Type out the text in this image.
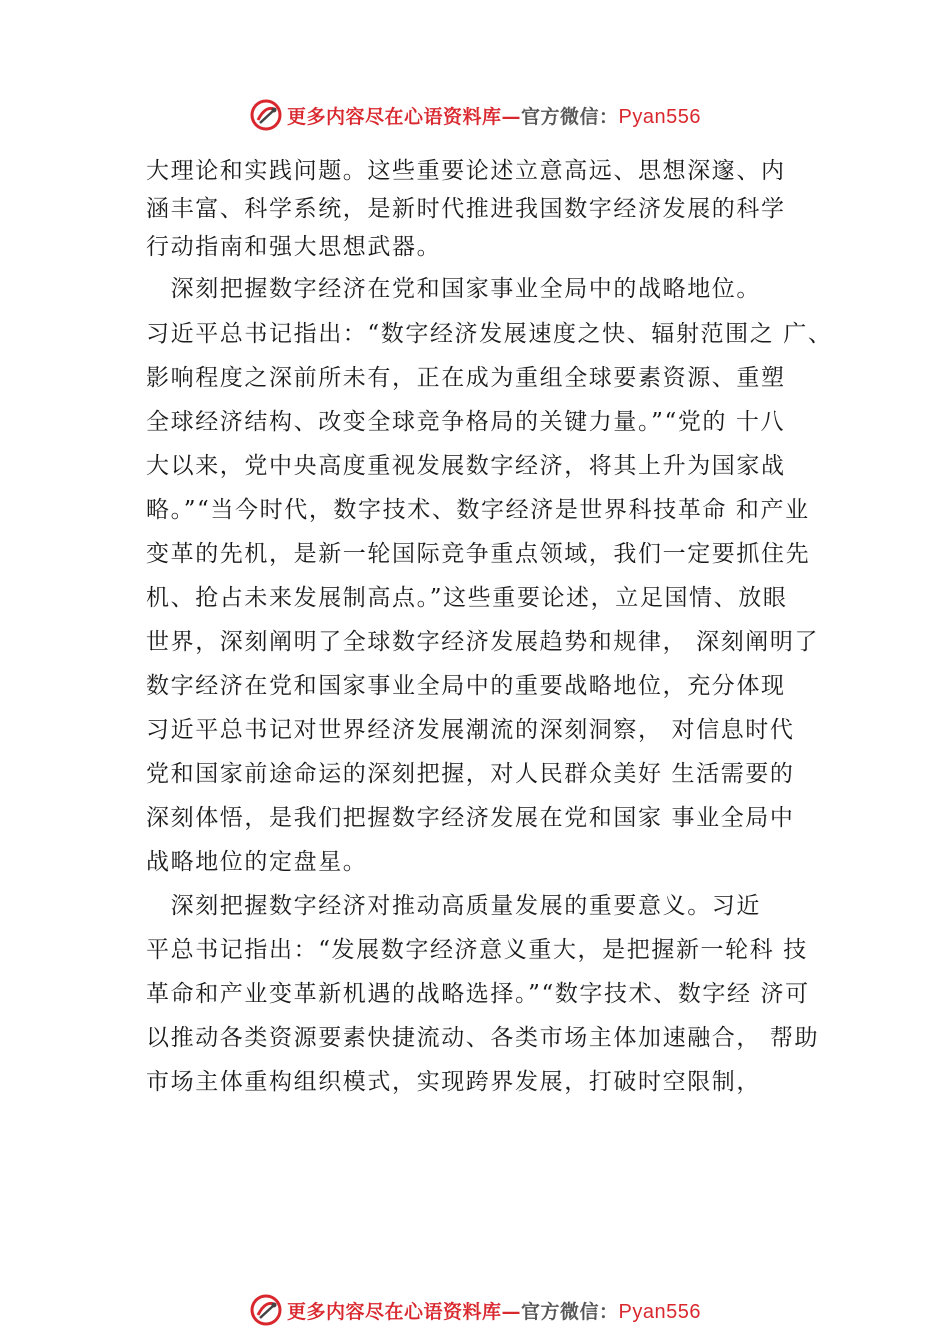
更多内容尽在心语资料库—官方微信：Pyan556
大理论和实践问题。这些重要论述立意高远、思想深邃、内
涵丰富、科学系统，是新时代推进我国数字经济发展的科学
行动指南和强大思想武器。
　深刻把握数字经济在党和国家事业全局中的战略地位。
习近平总书记指出：“数字经济发展速度之快、辐射范围之 广、
影响程度之深前所未有，正在成为重组全球要素资源、重塑
全球经济结构、改变全球竞争格局的关键力量。”“党的 十八
大以来，党中央高度重视发展数字经济，将其上升为国家战
略。”“当今时代，数字技术、数字经济是世界科技革命 和产业
变革的先机，是新一轮国际竞争重点领域，我们一定要抓住先
机、抢占未来发展制高点。”这些重要论述，立足国情、放眼
世界，深刻阐明了全球数字经济发展趋势和规律， 深刻阐明了
数字经济在党和国家事业全局中的重要战略地位，充分体现
习近平总书记对世界经济发展潮流的深刻洞察， 对信息时代
党和国家前途命运的深刻把握，对人民群众美好 生活需要的
深刻体悟，是我们把握数字经济发展在党和国家 事业全局中
战略地位的定盘星。
　深刻把握数字经济对推动高质量发展的重要意义。习近
平总书记指出：“发展数字经济意义重大，是把握新一轮科 技
革命和产业变革新机遇的战略选择。”“数字技术、数字经 济可
以推动各类资源要素快捷流动、各类市场主体加速融合， 帮助
市场主体重构组织模式，实现跨界发展，打破时空限制，
更多内容尽在心语资料库—官方微信：Pyan556
